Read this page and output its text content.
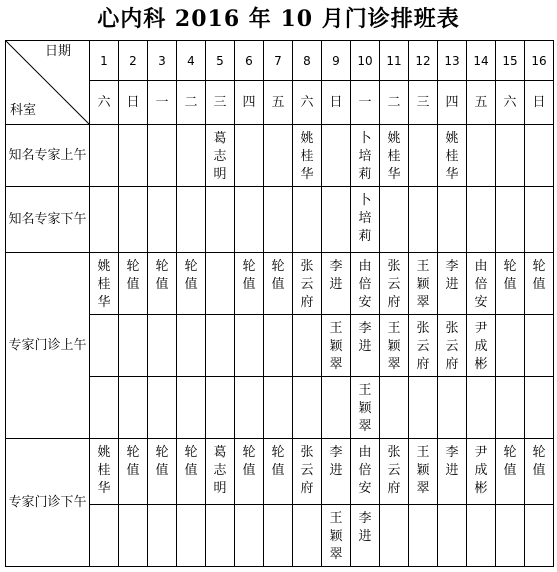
心内科 2016 年 10 月门诊排班表
日期
科室	1	2	3	4	5	6	7	8	9	10	11	12	13	14	15	16
	六	日	一	二	三	四	五	六	日	一	二	三	四	五	六	日
知名专家上午					葛志明			姚桂华		卜培莉	姚桂华		姚桂华			

知名专家下午										卜培莉						

专家门诊上午	姚桂华	轮值	轮值	轮值		轮值	轮值	张云府	李进	由倍安	张云府	王颖翠	李进	由倍安	轮值	轮值

									王颖翠	李进	王颖翠	张云府	张云府	尹成彬		

										王颖翠						

专家门诊下午	姚桂华	轮值	轮值	轮值	葛志明	轮值	轮值	张云府	李进	由倍安	张云府	王颖翠	李进	尹成彬	轮值	轮值

									王颖翠	李进						
